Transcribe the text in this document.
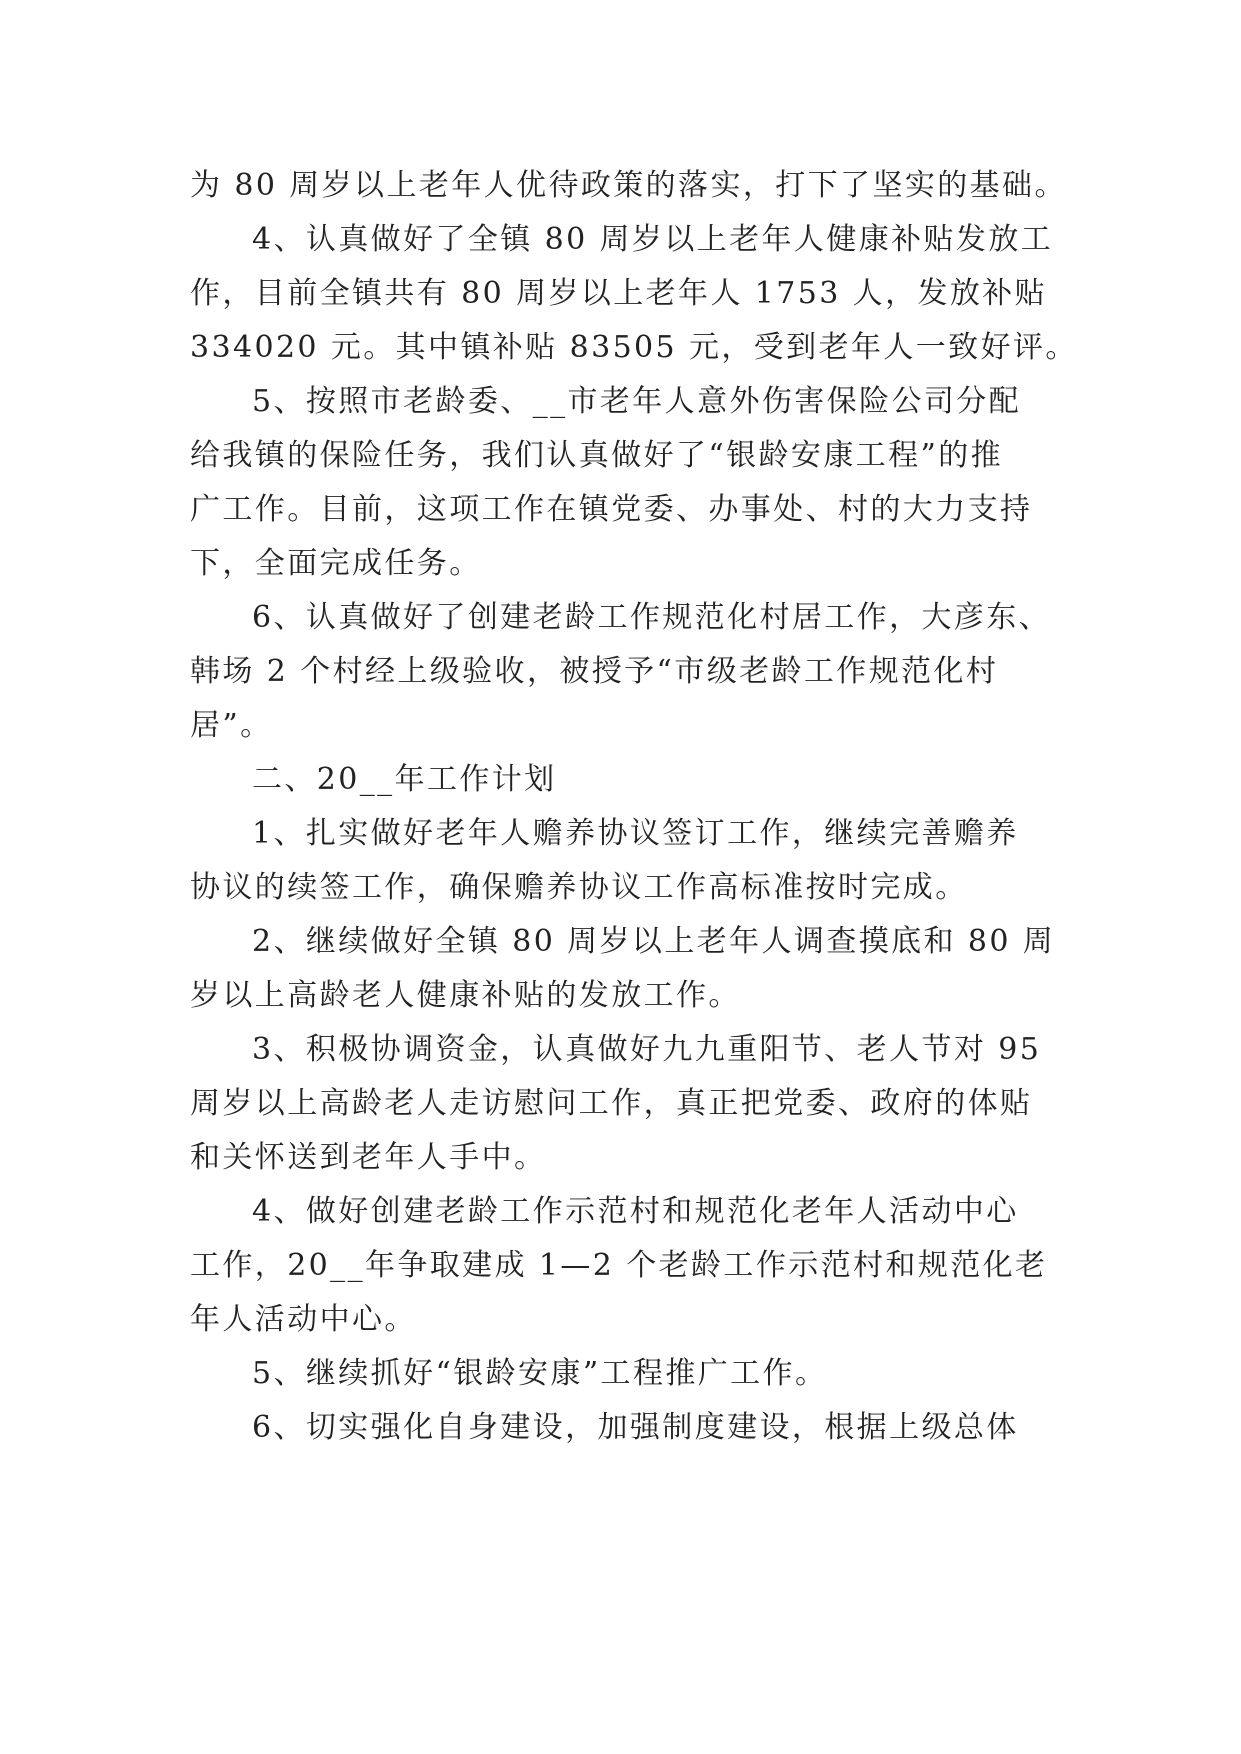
为 80 周岁以上老年人优待政策的落实，打下了坚实的基础。
4、认真做好了全镇 80 周岁以上老年人健康补贴发放工
作，目前全镇共有 80 周岁以上老年人 1753 人，发放补贴
334020 元。其中镇补贴 83505 元，受到老年人一致好评。
5、按照市老龄委、__市老年人意外伤害保险公司分配
给我镇的保险任务，我们认真做好了“银龄安康工程”的推
广工作。目前，这项工作在镇党委、办事处、村的大力支持
下，全面完成任务。
6、认真做好了创建老龄工作规范化村居工作，大彦东、
韩场 2 个村经上级验收，被授予“市级老龄工作规范化村
居”。
二、20__年工作计划
1、扎实做好老年人赡养协议签订工作，继续完善赡养
协议的续签工作，确保赡养协议工作高标准按时完成。
2、继续做好全镇 80 周岁以上老年人调查摸底和 80 周
岁以上高龄老人健康补贴的发放工作。
3、积极协调资金，认真做好九九重阳节、老人节对 95
周岁以上高龄老人走访慰问工作，真正把党委、政府的体贴
和关怀送到老年人手中。
4、做好创建老龄工作示范村和规范化老年人活动中心
工作，20__年争取建成 1—2 个老龄工作示范村和规范化老
年人活动中心。
5、继续抓好“银龄安康”工程推广工作。
6、切实强化自身建设，加强制度建设，根据上级总体
